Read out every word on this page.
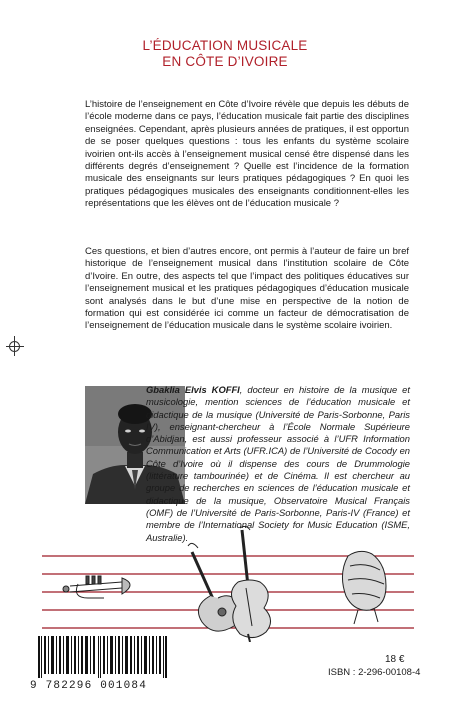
L’ÉDUCATION MUSICALE
EN CÔTE D’IVOIRE

L’histoire de l’enseignement en Côte d’Ivoire révèle que depuis les débuts de l’école moderne dans ce pays, l’éducation musicale fait partie des disciplines enseignées. Cependant, après plusieurs années de pratiques, il est opportun de se poser quelques questions : tous les enfants du système scolaire ivoirien ont-ils accès à l’enseignement musical censé être dispensé dans les différents degrés d’enseignement ? Quelle est l’incidence de la formation musicale des enseignants sur leurs pratiques pédagogiques ? En quoi les pratiques pédagogiques musicales des enseignants conditionnent-elles les représentations que les élèves ont de l’éducation musicale ?

Ces questions, et bien d’autres encore, ont permis à l’auteur de faire un bref historique de l’enseignement musical dans l’institution scolaire de Côte d’Ivoire. En outre, des aspects tel que l’impact des politiques éducatives sur l’enseignement musical et les pratiques pédagogiques d’éducation musicale sont analysés dans le but d’une mise en perspective de la notion de formation qui est considérée ici comme un facteur de démocratisation de l’enseignement de l’éducation musicale dans le système scolaire ivoirien.

Gbaklia Elvis KOFFI, docteur en histoire de la musique et musicologie, mention sciences de l’éducation musicale et didactique de la musique (Université de Paris-Sorbonne, Paris IV), enseignant-chercheur à l’École Normale Supérieure d’Abidjan, est aussi professeur associé à l’UFR Information Communication et Arts (UFR.ICA) de l’Université de Cocody en Côte d’Ivoire où il dispense des cours de Drummologie (littérature tambourinée) et de Cinéma. Il est chercheur au groupe de recherches en sciences de l’éducation musicale et didactique de la musique, Observatoire Musical Français (OMF) de l’Université de Paris-Sorbonne, Paris-IV (France) et membre de l’International Society for Music Education (ISME, Australie).

9 782296 001084
18 €
ISBN : 2-296-00108-4
